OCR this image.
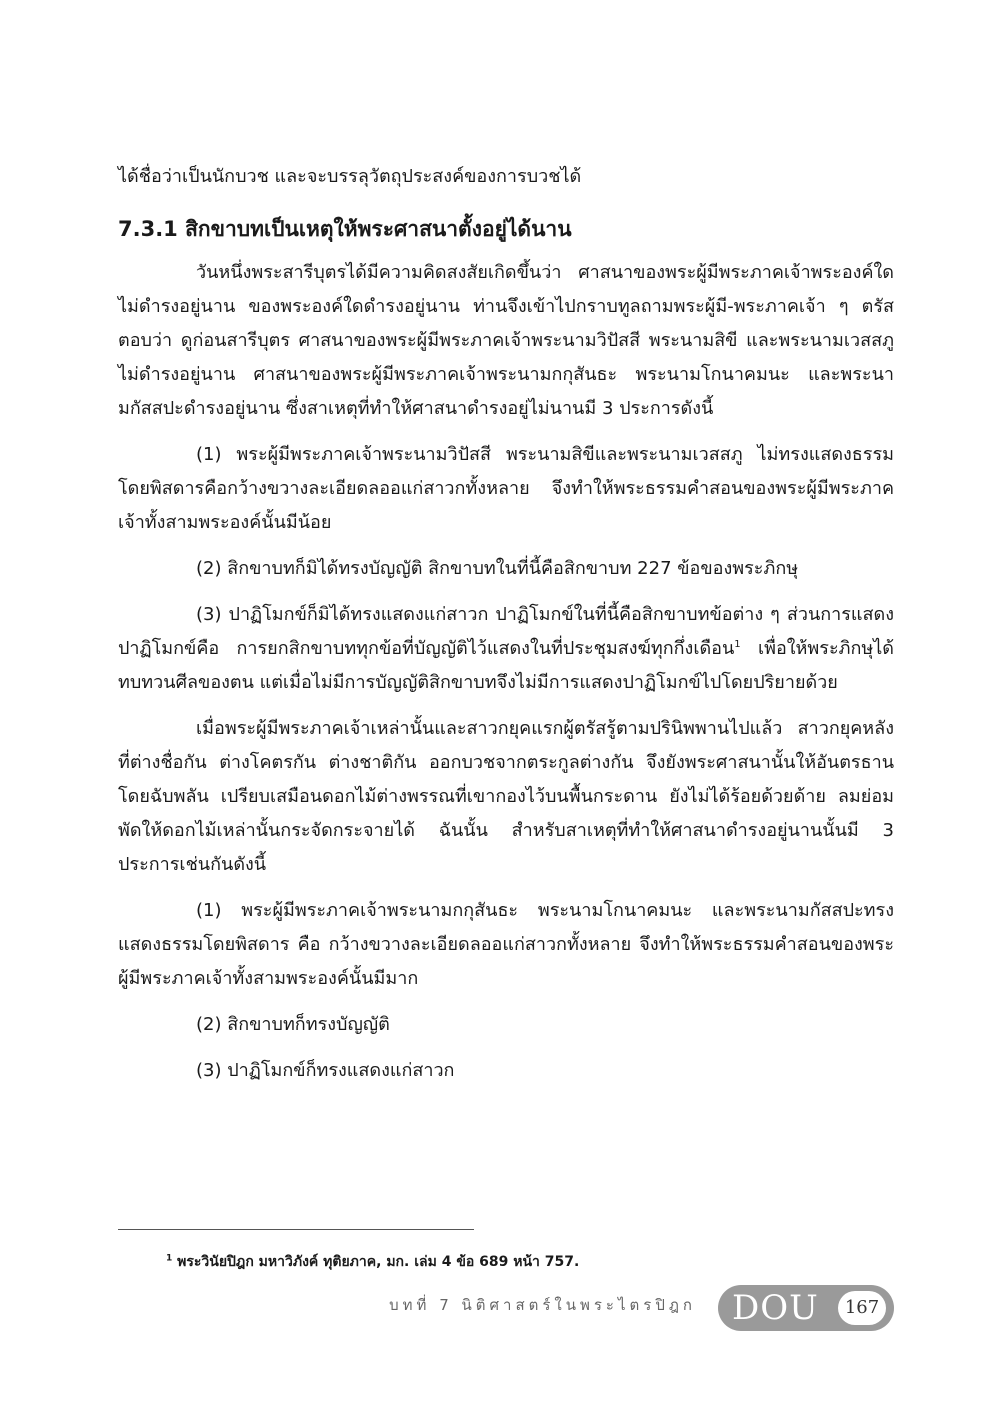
ได้ชื่อว่าเป็นนักบวช และจะบรรลุวัตถุประสงค์ของการบวชได้

7.3.1 สิกขาบทเป็นเหตุให้พระศาสนาตั้งอยู่ได้นาน

วันหนึ่งพระสารีบุตรได้มีความคิดสงสัยเกิดขึ้นว่า ศาสนาของพระผู้มีพระภาคเจ้าพระองค์ใดไม่ดำรงอยู่นาน ของพระองค์ใดดำรงอยู่นาน ท่านจึงเข้าไปกราบทูลถามพระผู้มี-พระภาคเจ้า ๆ ตรัสตอบว่า ดูก่อนสารีบุตร ศาสนาของพระผู้มีพระภาคเจ้าพระนามวิปัสสี พระนามสิขี และพระนามเวสสภู ไม่ดำรงอยู่นาน ศาสนาของพระผู้มีพระภาคเจ้าพระนามกกุสันธะ พระนามโกนาคมนะ และพระนามกัสสปะดำรงอยู่นาน ซึ่งสาเหตุที่ทำให้ศาสนาดำรงอยู่ไม่นานมี 3 ประการดังนี้

(1) พระผู้มีพระภาคเจ้าพระนามวิปัสสี พระนามสิขีและพระนามเวสสภู ไม่ทรงแสดงธรรมโดยพิสดารคือกว้างขวางละเอียดลออแก่สาวกทั้งหลาย จึงทำให้พระธรรมคำสอนของพระผู้มีพระภาคเจ้าทั้งสามพระองค์นั้นมีน้อย

(2) สิกขาบทก็มิได้ทรงบัญญัติ สิกขาบทในที่นี้คือสิกขาบท 227 ข้อของพระภิกษุ

(3) ปาฏิโมกข์ก็มิได้ทรงแสดงแก่สาวก ปาฏิโมกข์ในที่นี้คือสิกขาบทข้อต่าง ๆ ส่วนการแสดงปาฏิโมกข์คือ การยกสิกขาบททุกข้อที่บัญญัติไว้แสดงในที่ประชุมสงฆ์ทุกกึ่งเดือน$^1$ เพื่อให้พระภิกษุได้ทบทวนศีลของตน แต่เมื่อไม่มีการบัญญัติสิกขาบทจึงไม่มีการแสดงปาฏิโมกข์ไปโดยปริยายด้วย

เมื่อพระผู้มีพระภาคเจ้าเหล่านั้นและสาวกยุคแรกผู้ตรัสรู้ตามปรินิพพานไปแล้ว สาวกยุคหลังที่ต่างชื่อกัน ต่างโคตรกัน ต่างชาติกัน ออกบวชจากตระกูลต่างกัน จึงยังพระศาสนานั้นให้อันตรธานโดยฉับพลัน เปรียบเสมือนดอกไม้ต่างพรรณที่เขากองไว้บนพื้นกระดาน ยังไม่ได้ร้อยด้วยด้าย ลมย่อมพัดให้ดอกไม้เหล่านั้นกระจัดกระจายได้ ฉันนั้น สำหรับสาเหตุที่ทำให้ศาสนาดำรงอยู่นานนั้นมี 3 ประการเช่นกันดังนี้

(1) พระผู้มีพระภาคเจ้าพระนามกกุสันธะ พระนามโกนาคมนะ และพระนามกัสสปะทรงแสดงธรรมโดยพิสดาร คือ กว้างขวางละเอียดลออแก่สาวกทั้งหลาย จึงทำให้พระธรรมคำสอนของพระผู้มีพระภาคเจ้าทั้งสามพระองค์นั้นมีมาก

(2) สิกขาบทก็ทรงบัญญัติ

(3) ปาฏิโมกข์ก็ทรงแสดงแก่สาวก

$^1$ พระวินัยปิฎก มหาวิภังค์ ทุติยภาค, มก. เล่ม 4 ข้อ 689 หน้า 757.
บทที่ 7 นิติศาสตร์ในพระไตรปิฎก DOU	167
